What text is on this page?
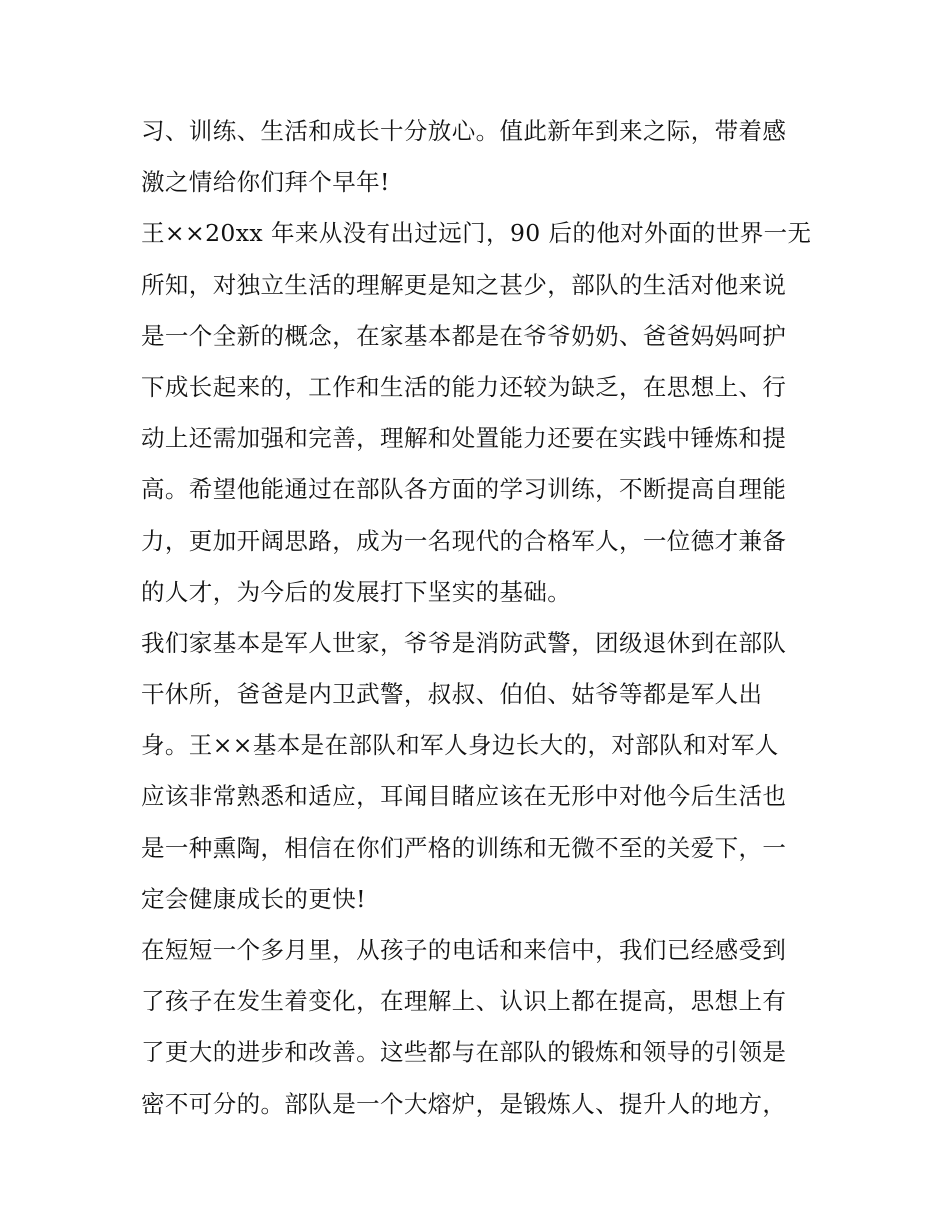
习、训练、生活和成长十分放心。值此新年到来之际，带着感
激之情给你们拜个早年!
王××20xx 年来从没有出过远门，90 后的他对外面的世界一无
所知，对独立生活的理解更是知之甚少，部队的生活对他来说
是一个全新的概念，在家基本都是在爷爷奶奶、爸爸妈妈呵护
下成长起来的，工作和生活的能力还较为缺乏，在思想上、行
动上还需加强和完善，理解和处置能力还要在实践中锤炼和提
高。希望他能通过在部队各方面的学习训练，不断提高自理能
力，更加开阔思路，成为一名现代的合格军人，一位德才兼备
的人才，为今后的发展打下坚实的基础。
我们家基本是军人世家，爷爷是消防武警，团级退休到在部队
干休所，爸爸是内卫武警，叔叔、伯伯、姑爷等都是军人出
身。王××基本是在部队和军人身边长大的，对部队和对军人
应该非常熟悉和适应，耳闻目睹应该在无形中对他今后生活也
是一种熏陶，相信在你们严格的训练和无微不至的关爱下，一
定会健康成长的更快!
在短短一个多月里，从孩子的电话和来信中，我们已经感受到
了孩子在发生着变化，在理解上、认识上都在提高，思想上有
了更大的进步和改善。这些都与在部队的锻炼和领导的引领是
密不可分的。部队是一个大熔炉，是锻炼人、提升人的地方，
